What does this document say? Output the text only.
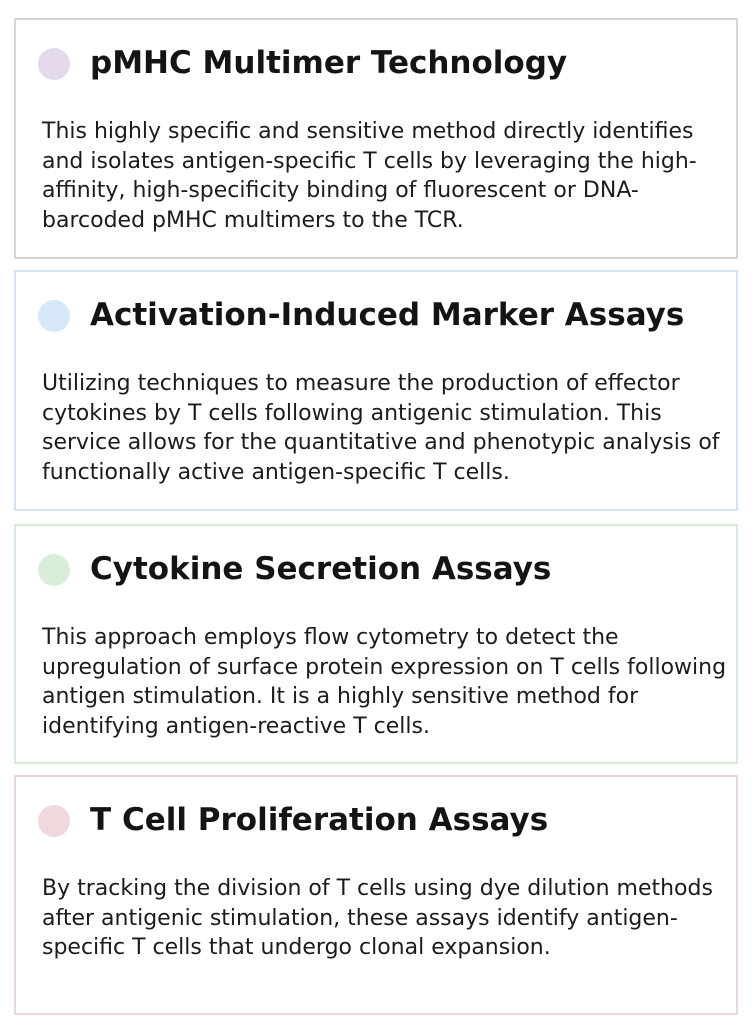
pMHC Multimer Technology

This highly specific and sensitive method directly identifies and isolates antigen-specific T cells by leveraging the high-affinity, high-specificity binding of fluorescent or DNA-barcoded pMHC multimers to the TCR.

Activation-Induced Marker Assays

Utilizing techniques to measure the production of effector cytokines by T cells following antigenic stimulation. This service allows for the quantitative and phenotypic analysis of functionally active antigen-specific T cells.

Cytokine Secretion Assays

This approach employs flow cytometry to detect the upregulation of surface protein expression on T cells following antigen stimulation. It is a highly sensitive method for identifying antigen-reactive T cells.

T Cell Proliferation Assays

By tracking the division of T cells using dye dilution methods after antigenic stimulation, these assays identify antigen-specific T cells that undergo clonal expansion.
